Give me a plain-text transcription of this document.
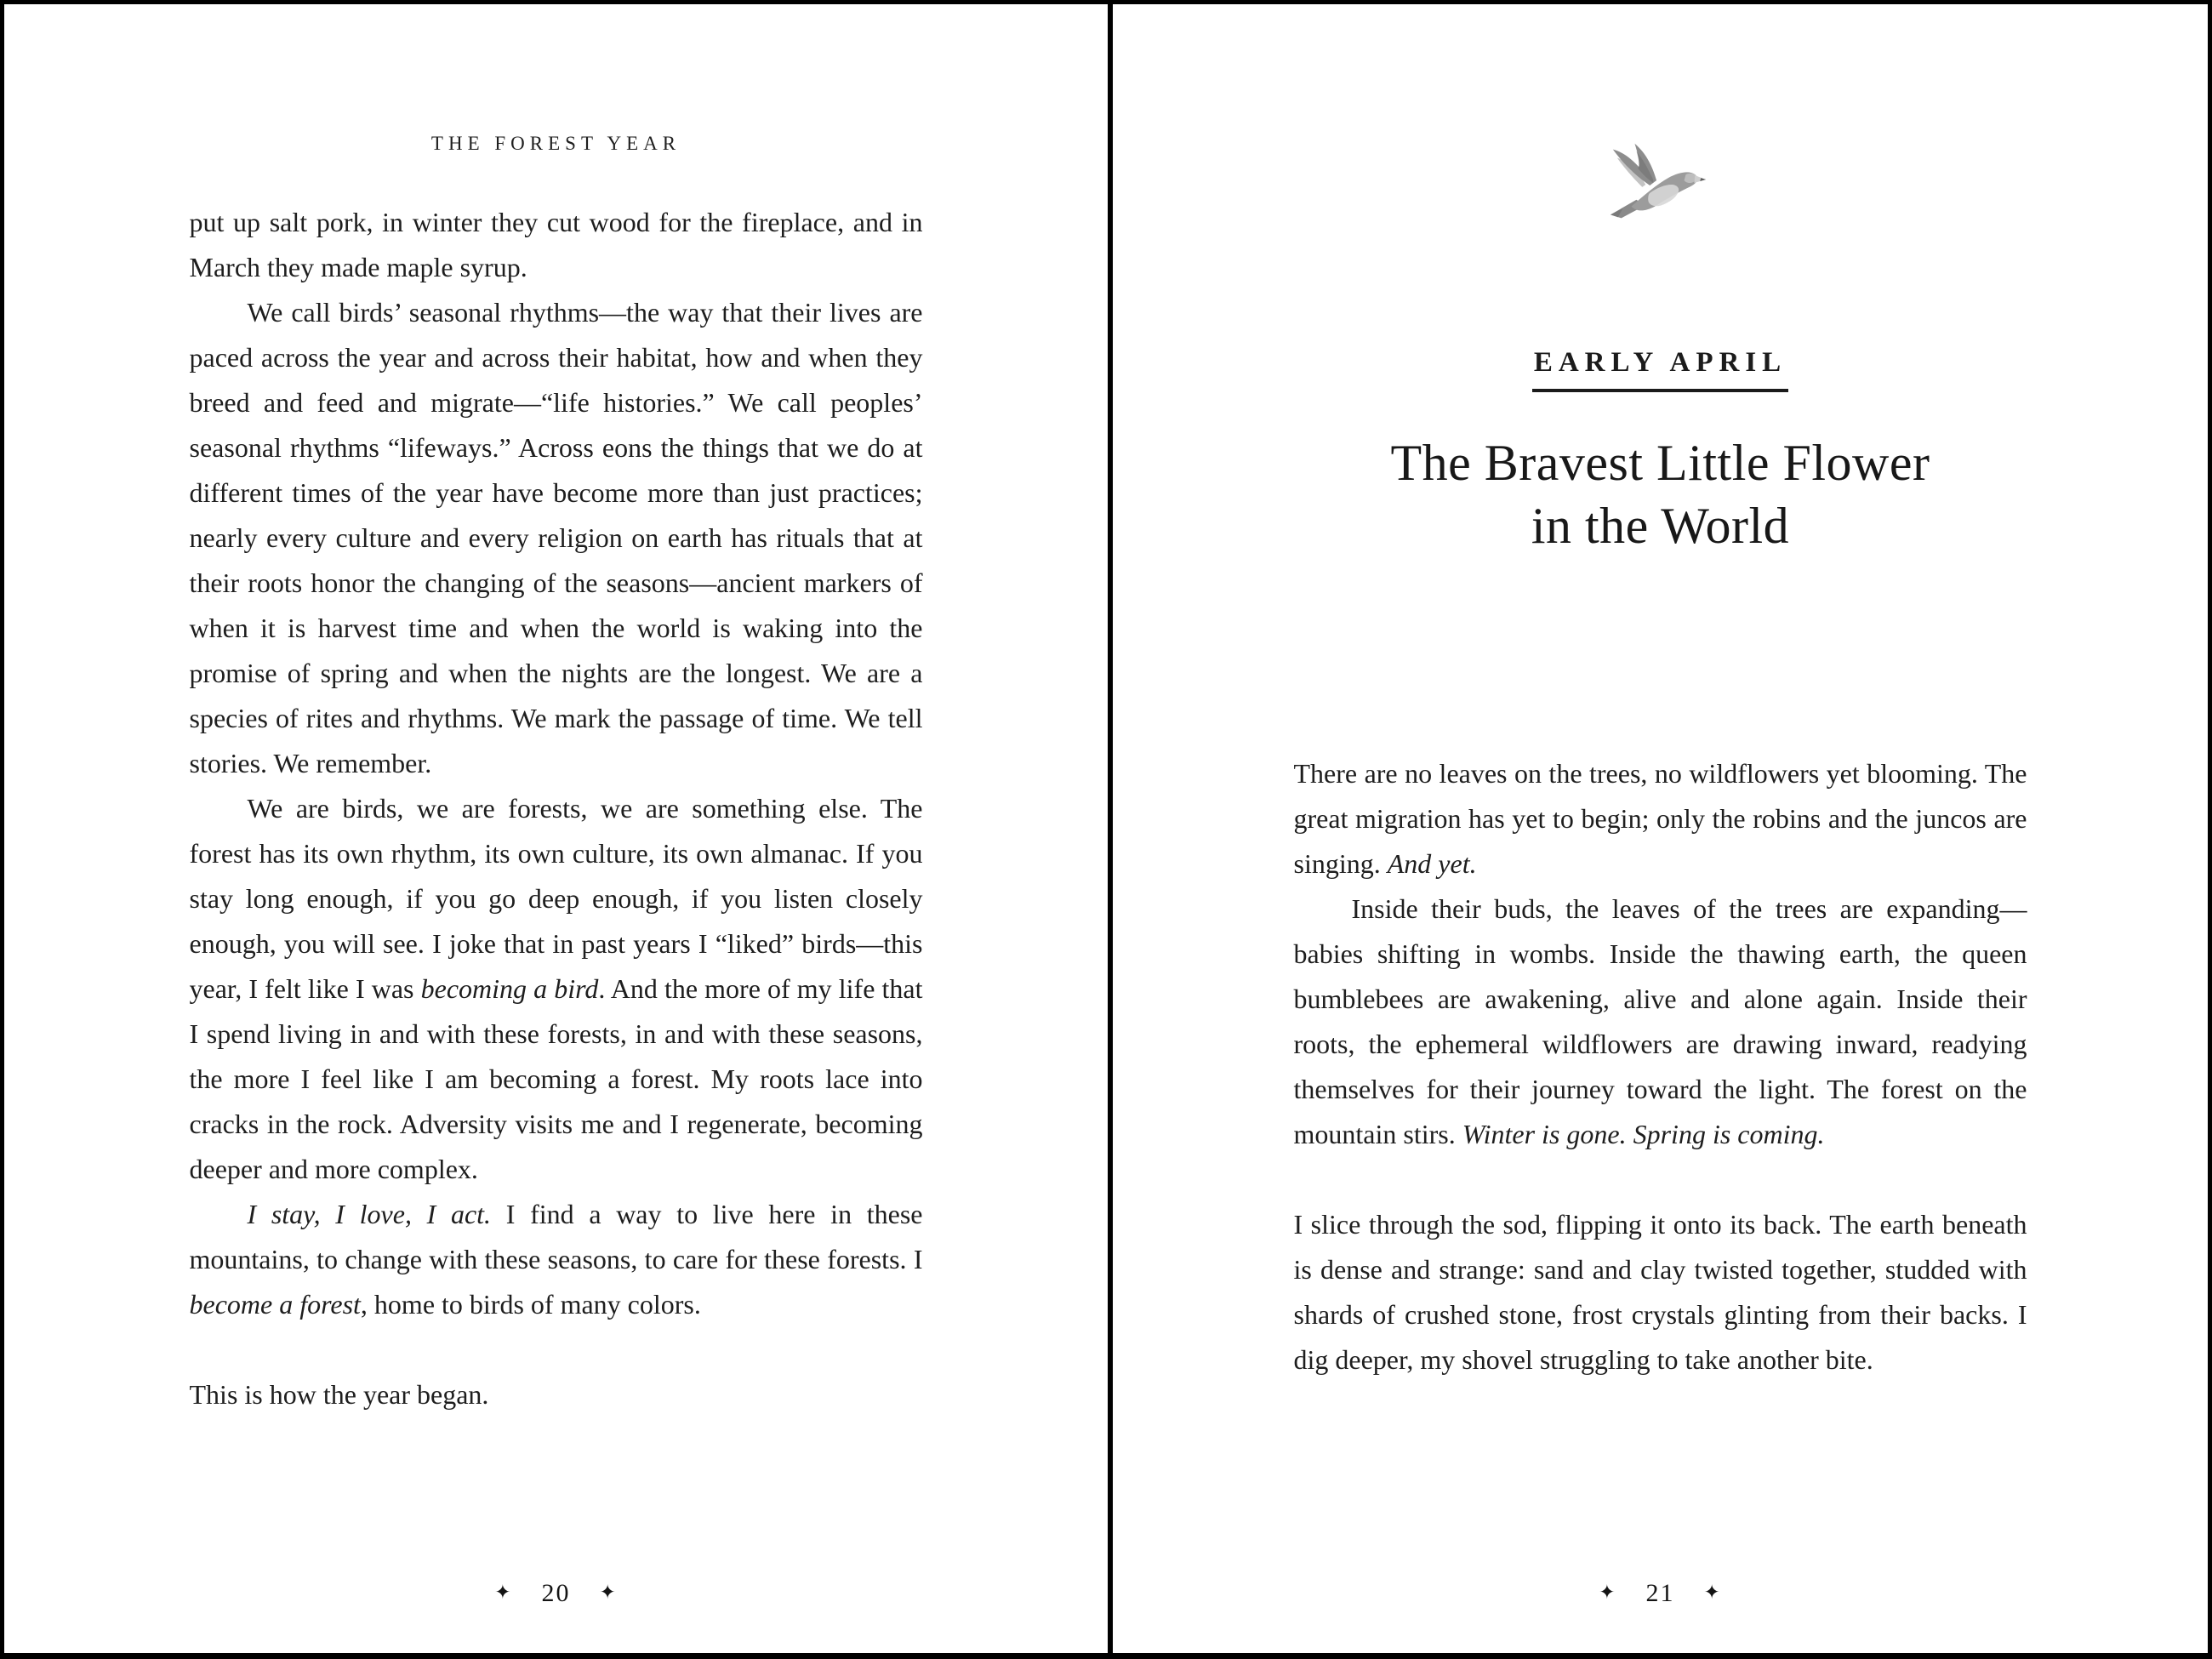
THE FOREST YEAR

put up salt pork, in winter they cut wood for the fireplace, and in March they made maple syrup.

We call birds’ seasonal rhythms—the way that their lives are paced across the year and across their habitat, how and when they breed and feed and migrate—“life histories.” We call peoples’ seasonal rhythms “lifeways.” Across eons the things that we do at different times of the year have become more than just practices; nearly every culture and every religion on earth has rituals that at their roots honor the changing of the seasons—ancient markers of when it is harvest time and when the world is waking into the promise of spring and when the nights are the longest. We are a species of rites and rhythms. We mark the passage of time. We tell stories. We remember.

We are birds, we are forests, we are something else. The forest has its own rhythm, its own culture, its own almanac. If you stay long enough, if you go deep enough, if you listen closely enough, you will see. I joke that in past years I “liked” birds—this year, I felt like I was becoming a bird. And the more of my life that I spend living in and with these forests, in and with these seasons, the more I feel like I am becoming a forest. My roots lace into cracks in the rock. Adversity visits me and I regenerate, becoming deeper and more complex.

I stay, I love, I act. I find a way to live here in these mountains, to change with these seasons, to care for these forests. I become a forest, home to birds of many colors.

This is how the year began.

✦ 20 ✦
EARLY APRIL
The Bravest Little Flower
in the World

There are no leaves on the trees, no wildflowers yet blooming. The great migration has yet to begin; only the robins and the juncos are singing. And yet.

Inside their buds, the leaves of the trees are expanding—babies shifting in wombs. Inside the thawing earth, the queen bumblebees are awakening, alive and alone again. Inside their roots, the ephemeral wildflowers are drawing inward, readying themselves for their journey toward the light. The forest on the mountain stirs. Winter is gone. Spring is coming.

I slice through the sod, flipping it onto its back. The earth beneath is dense and strange: sand and clay twisted together, studded with shards of crushed stone, frost crystals glinting from their backs. I dig deeper, my shovel struggling to take another bite.

✦ 21 ✦
